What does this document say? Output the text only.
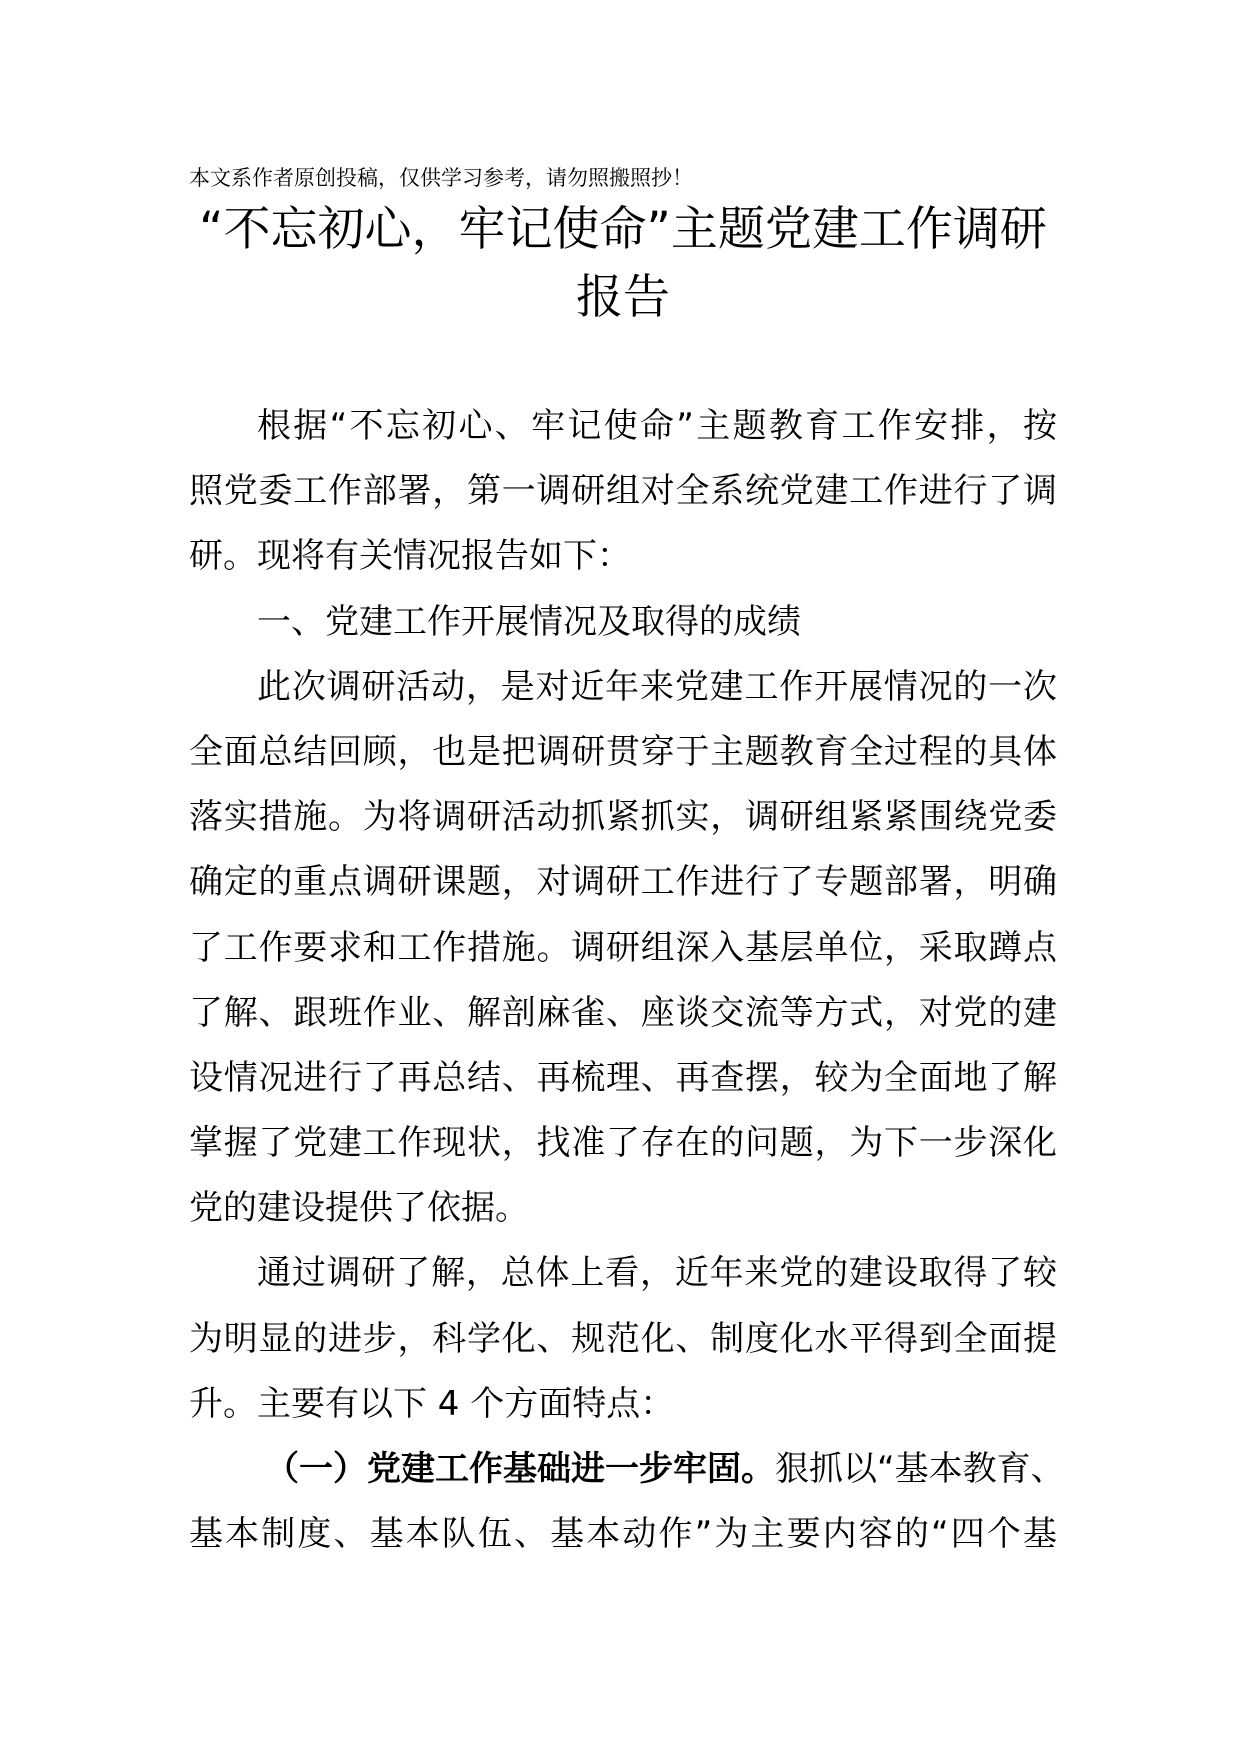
本文系作者原创投稿，仅供学习参考，请勿照搬照抄！
“不忘初心，牢记使命”主题党建工作调研
报告
根据“不忘初心、牢记使命”主题教育工作安排，按
照党委工作部署，第一调研组对全系统党建工作进行了调
研。现将有关情况报告如下：
一、党建工作开展情况及取得的成绩
此次调研活动，是对近年来党建工作开展情况的一次
全面总结回顾，也是把调研贯穿于主题教育全过程的具体
落实措施。为将调研活动抓紧抓实，调研组紧紧围绕党委
确定的重点调研课题，对调研工作进行了专题部署，明确
了工作要求和工作措施。调研组深入基层单位，采取蹲点
了解、跟班作业、解剖麻雀、座谈交流等方式，对党的建
设情况进行了再总结、再梳理、再查摆，较为全面地了解
掌握了党建工作现状，找准了存在的问题，为下一步深化
党的建设提供了依据。
通过调研了解，总体上看，近年来党的建设取得了较
为明显的进步，科学化、规范化、制度化水平得到全面提
升。主要有以下 4 个方面特点：
（一）党建工作基础进一步牢固。狠抓以“基本教育、
基本制度、基本队伍、基本动作”为主要内容的“四个基
